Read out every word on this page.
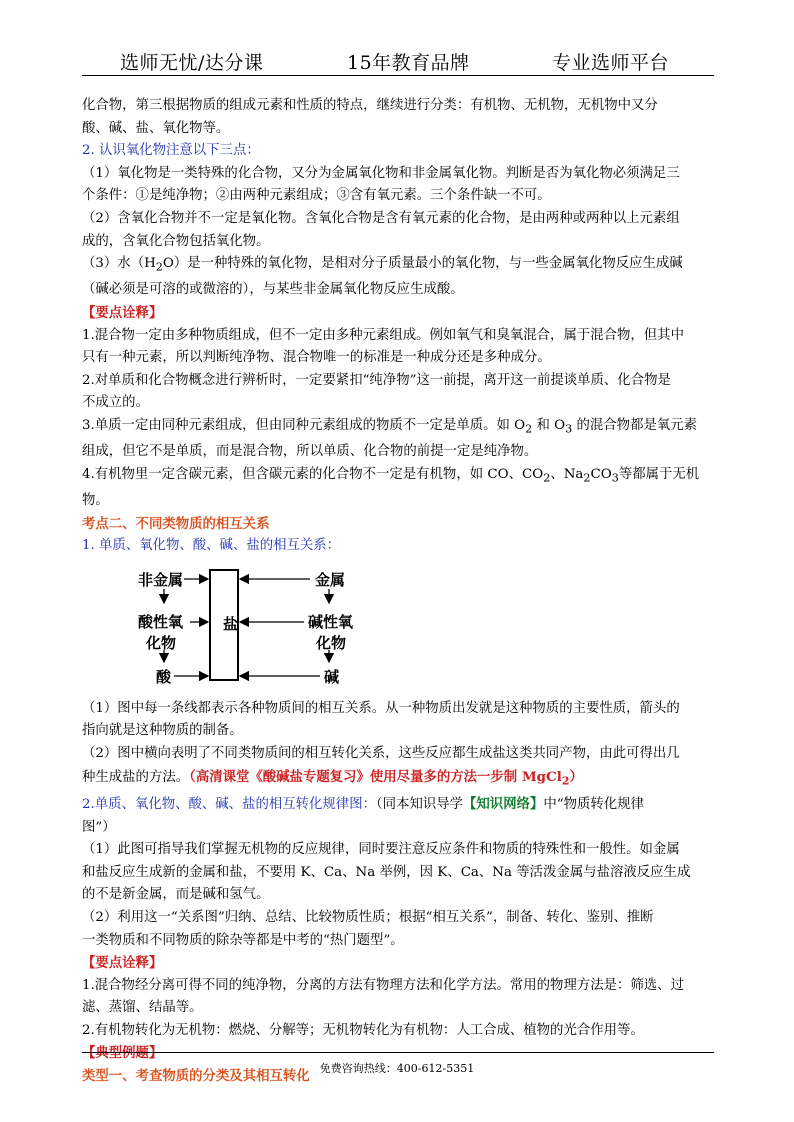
选师无忧/达分课	15年教育品牌	专业选师平台

化合物，第三根据物质的组成元素和性质的特点，继续进行分类：有机物、无机物，无机物中又分

酸、碱、盐、氧化物等。

2. 认识氧化物注意以下三点：

（1）氧化物是一类特殊的化合物，又分为金属氧化物和非金属氧化物。判断是否为氧化物必须满足三

个条件：①是纯净物；②由两种元素组成；③含有氧元素。三个条件缺一不可。

（2）含氧化合物并不一定是氧化物。含氧化合物是含有氧元素的化合物，是由两种或两种以上元素组

成的，含氧化合物包括氧化物。

（3）水$(H_2O)$是一种特殊的氧化物，是相对分子质量最小的氧化物，与一些金属氧化物反应生成碱

（碱必须是可溶的或微溶的），与某些非金属氧化物反应生成酸。

【要点诠释】

1.混合物一定由多种物质组成，但不一定由多种元素组成。例如氧气和臭氧混合，属于混合物，但其中

只有一种元素，所以判断纯净物、混合物唯一的标准是一种成分还是多种成分。

2.对单质和化合物概念进行辨析时，一定要紧扣“纯净物”这一前提，离开这一前提谈单质、化合物是

不成立的。

3.单质一定由同种元素组成，但由同种元素组成的物质不一定是单质。如 $O_2$ 和 $O_3$ 的混合物都是氧元素

组成，但它不是单质，而是混合物，所以单质、化合物的前提一定是纯净物。

4.有机物里一定含碳元素，但含碳元素的化合物不一定是有机物，如 CO、$CO_2$、$Na_2CO_3$等都属于无机

物。

考点二、不同类物质的相互关系

1. 单质、氧化物、酸、碱、盐的相互关系：

非金属
酸性氧
化物
酸
盐
金属
碱性氧
化物
碱

（1）图中每一条线都表示各种物质间的相互关系。从一种物质出发就是这种物质的主要性质，箭头的

指向就是这种物质的制备。

（2）图中横向表明了不同类物质间的相互转化关系，这些反应都生成盐这类共同产物，由此可得出几

种生成盐的方法。（高清课堂《酸碱盐专题复习》使用尽量多的方法一步制 MgCl$_2$）

2.单质、氧化物、酸、碱、盐的相互转化规律图：（同本知识导学【知识网络】中“物质转化规律

图”）

（1）此图可指导我们掌握无机物的反应规律，同时要注意反应条件和物质的特殊性和一般性。如金属

和盐反应生成新的金属和盐，不要用 K、Ca、Na 举例，因 K、Ca、Na 等活泼金属与盐溶液反应生成

的不是新金属，而是碱和氢气。

（2）利用这一“关系图”归纳、总结、比较物质性质；根据“相互关系”，制备、转化、鉴别、推断

一类物质和不同物质的除杂等都是中考的“热门题型”。

【要点诠释】

1.混合物经分离可得不同的纯净物，分离的方法有物理方法和化学方法。常用的物理方法是：筛选、过

滤、蒸馏、结晶等。

2.有机物转化为无机物：燃烧、分解等；无机物转化为有机物：人工合成、植物的光合作用等。

【典型例题】

类型一、考查物质的分类及其相互转化 免费咨询热线：400-612-5351
